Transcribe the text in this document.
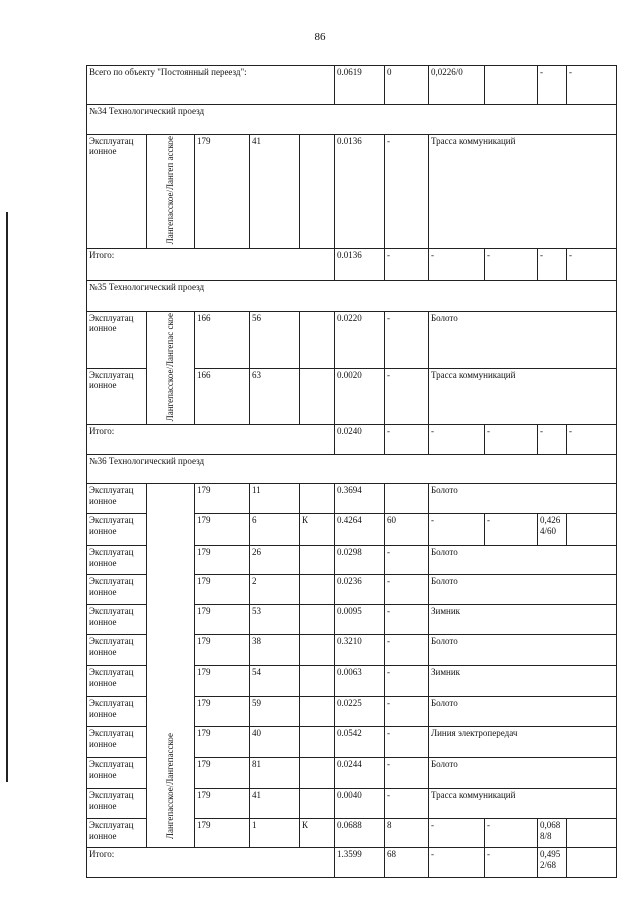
86
Всего по объекту "Постоянный переезд":					0.0619	0	0,0226/0		-	-
№34 Технологический проезд										
Эксплуатац ионное	Лангепасское/Лангеп асское	179	41		0.0136	-	Трасса коммуникаций			
Итого:					0.0136	-	-	-	-	-
№35 Технологический проезд										
Эксплуатац ионное	Лангепасское/Лангепас ское	166	56		0.0220	-	Болото			
Эксплуатац ионное		166	63		0.0020	-	Трасса коммуникаций			
Итого:					0.0240	-	-	-	-	-
№36 Технологический проезд										
Эксплуатац ионное	Лангепасское/Лангепасское	179	11		0.3694		Болото			
Эксплуатац ионное		179	6	К	0.4264	60	-	-	0,426 4/60	
Эксплуатац ионное		179	26		0.0298	-	Болото			
Эксплуатац ионное		179	2		0.0236	-	Болото			
Эксплуатац ионное		179	53		0.0095	-	Зимник			
Эксплуатац ионное		179	38		0.3210	-	Болото			
Эксплуатац ионное		179	54		0.0063	-	Зимник			
Эксплуатац ионное		179	59		0.0225	-	Болото			
Эксплуатац ионное		179	40		0.0542	-	Линия электропередач			
Эксплуатац ионное		179	81		0.0244	-	Болото			
Эксплуатац ионное		179	41		0.0040	-	Трасса коммуникаций			
Эксплуатац ионное		179	1	К	0.0688	8	-	-	0,068 8/8	
Итого:					1.3599	68	-	-	0,495 2/68	
